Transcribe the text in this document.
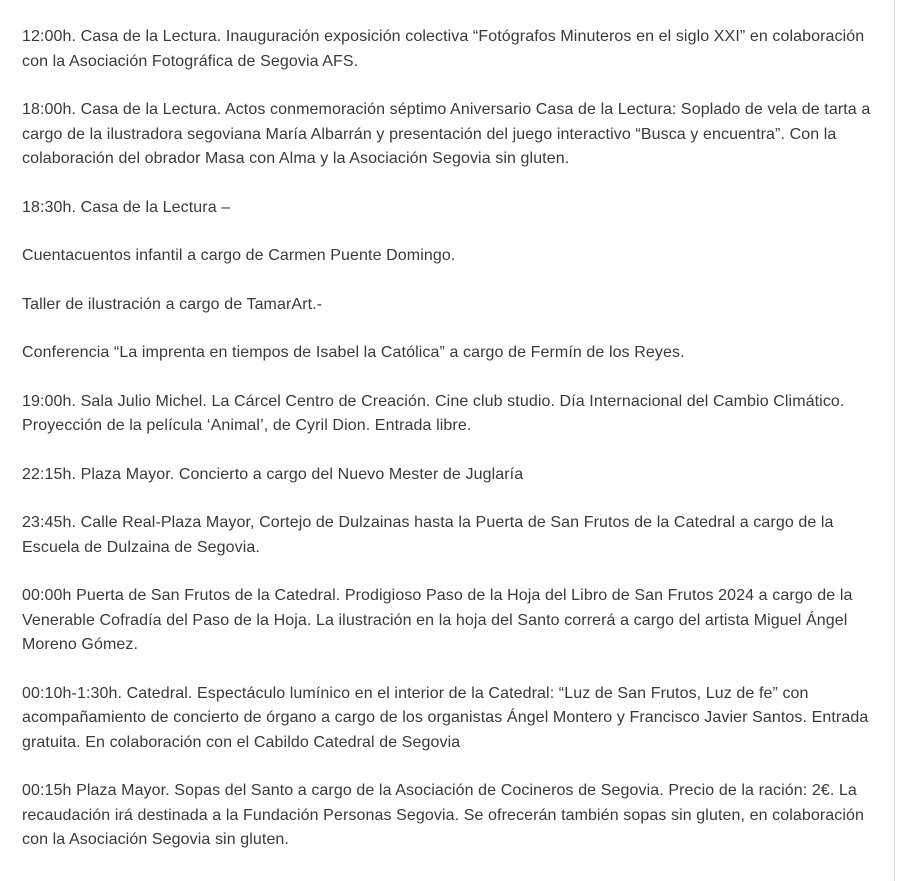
12:00h. Casa de la Lectura. Inauguración exposición colectiva “Fotógrafos Minuteros en el siglo XXI” en colaboración con la Asociación Fotográfica de Segovia AFS.

18:00h. Casa de la Lectura. Actos conmemoración séptimo Aniversario Casa de la Lectura: Soplado de vela de tarta a cargo de la ilustradora segoviana María Albarrán y presentación del juego interactivo “Busca y encuentra”. Con la colaboración del obrador Masa con Alma y la Asociación Segovia sin gluten.

18:30h. Casa de la Lectura –

Cuentacuentos infantil a cargo de Carmen Puente Domingo.

Taller de ilustración a cargo de TamarArt.-

Conferencia “La imprenta en tiempos de Isabel la Católica” a cargo de Fermín de los Reyes.

19:00h. Sala Julio Michel. La Cárcel Centro de Creación. Cine club studio. Día Internacional del Cambio Climático. Proyección de la película ‘Animal’, de Cyril Dion. Entrada libre.

22:15h. Plaza Mayor. Concierto a cargo del Nuevo Mester de Juglaría

23:45h. Calle Real-Plaza Mayor, Cortejo de Dulzainas hasta la Puerta de San Frutos de la Catedral a cargo de la Escuela de Dulzaina de Segovia.

00:00h Puerta de San Frutos de la Catedral. Prodigioso Paso de la Hoja del Libro de San Frutos 2024 a cargo de la Venerable Cofradía del Paso de la Hoja. La ilustración en la hoja del Santo correrá a cargo del artista Miguel Ángel Moreno Gómez.

00:10h-1:30h. Catedral. Espectáculo lumínico en el interior de la Catedral: “Luz de San Frutos, Luz de fe” con acompañamiento de concierto de órgano a cargo de los organistas Ángel Montero y Francisco Javier Santos. Entrada gratuita. En colaboración con el Cabildo Catedral de Segovia

00:15h Plaza Mayor. Sopas del Santo a cargo de la Asociación de Cocineros de Segovia. Precio de la ración: 2€. La recaudación irá destinada a la Fundación Personas Segovia. Se ofrecerán también sopas sin gluten, en colaboración con la Asociación Segovia sin gluten.
